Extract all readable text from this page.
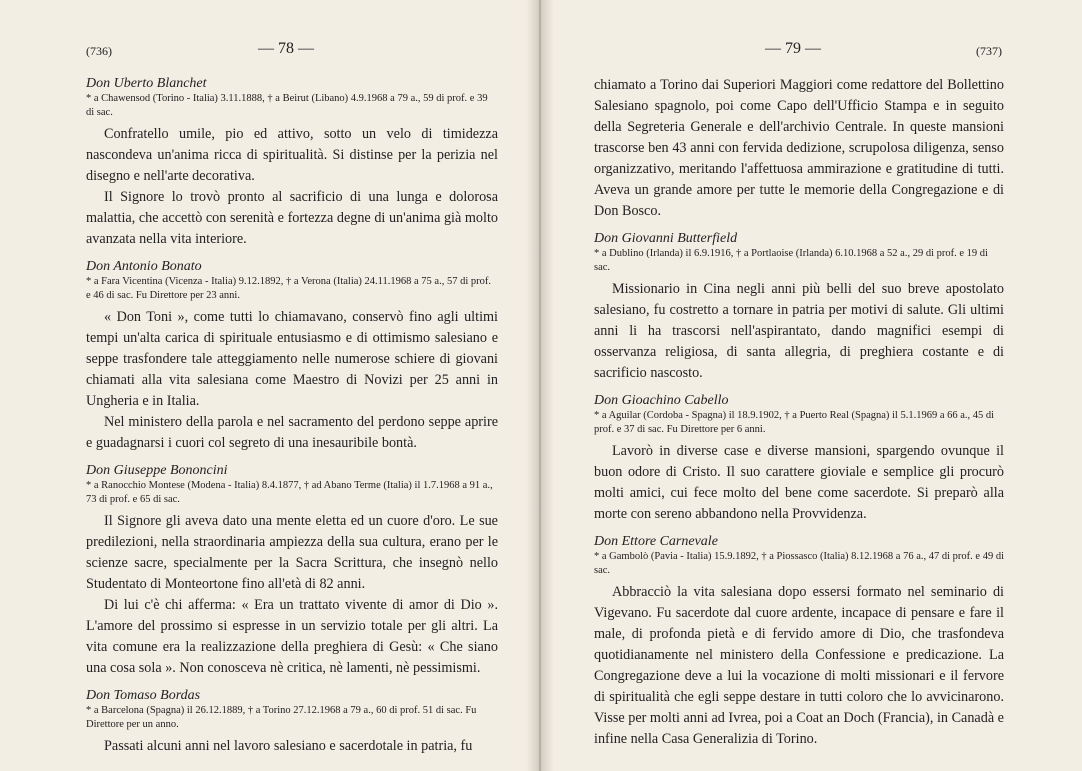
(736)	— 78 —

Don Uberto Blanchet

* a Chawensod (Torino - Italia) 3.11.1888, † a Beirut (Libano) 4.9.1968 a 79 a., 59 di prof. e 39 di sac.

Confratello umile, pio ed attivo, sotto un velo di timidezza nascondeva un'anima ricca di spiritualità. Si distinse per la perizia nel disegno e nell'arte decorativa.

Il Signore lo trovò pronto al sacrificio di una lunga e dolorosa malattia, che accettò con serenità e fortezza degne di un'anima già molto avanzata nella vita interiore.

Don Antonio Bonato

* a Fara Vicentina (Vicenza - Italia) 9.12.1892, † a Verona (Italia) 24.11.1968 a 75 a., 57 di prof. e 46 di sac. Fu Direttore per 23 anni.

« Don Toni », come tutti lo chiamavano, conservò fino agli ultimi tempi un'alta carica di spirituale entusiasmo e di ottimismo salesiano e seppe trasfondere tale atteggiamento nelle numerose schiere di giovani chiamati alla vita salesiana come Maestro di Novizi per 25 anni in Ungheria e in Italia.

Nel ministero della parola e nel sacramento del perdono seppe aprire e guadagnarsi i cuori col segreto di una inesauribile bontà.

Don Giuseppe Bononcini

* a Ranocchio Montese (Modena - Italia) 8.4.1877, † ad Abano Terme (Italia) il 1.7.1968 a 91 a., 73 di prof. e 65 di sac.

Il Signore gli aveva dato una mente eletta ed un cuore d'oro. Le sue predilezioni, nella straordinaria ampiezza della sua cultura, erano per le scienze sacre, specialmente per la Sacra Scrittura, che insegnò nello Studentato di Monteortone fino all'età di 82 anni.

Di lui c'è chi afferma: « Era un trattato vivente di amor di Dio ». L'amore del prossimo si espresse in un servizio totale per gli altri. La vita comune era la realizzazione della preghiera di Gesù: « Che siano una cosa sola ». Non conosceva nè critica, nè lamenti, nè pessimismi.

Don Tomaso Bordas

* a Barcelona (Spagna) il 26.12.1889, † a Torino 27.12.1968 a 79 a., 60 di prof. 51 di sac. Fu Direttore per un anno.

Passati alcuni anni nel lavoro salesiano e sacerdotale in patria, fu

— 79 —	(737)

chiamato a Torino dai Superiori Maggiori come redattore del Bollettino Salesiano spagnolo, poi come Capo dell'Ufficio Stampa e in seguito della Segreteria Generale e dell'archivio Centrale. In queste mansioni trascorse ben 43 anni con fervida dedizione, scrupolosa diligenza, senso organizzativo, meritando l'affettuosa ammirazione e gratitudine di tutti. Aveva un grande amore per tutte le memorie della Congregazione e di Don Bosco.

Don Giovanni Butterfield

* a Dublino (Irlanda) il 6.9.1916, † a Portlaoise (Irlanda) 6.10.1968 a 52 a., 29 di prof. e 19 di sac.

Missionario in Cina negli anni più belli del suo breve apostolato salesiano, fu costretto a tornare in patria per motivi di salute. Gli ultimi anni li ha trascorsi nell'aspirantato, dando magnifici esempi di osservanza religiosa, di santa allegria, di preghiera costante e di sacrificio nascosto.

Don Gioachino Cabello

* a Aguilar (Cordoba - Spagna) il 18.9.1902, † a Puerto Real (Spagna) il 5.1.1969 a 66 a., 45 di prof. e 37 di sac. Fu Direttore per 6 anni.

Lavorò in diverse case e diverse mansioni, spargendo ovunque il buon odore di Cristo. Il suo carattere gioviale e semplice gli procurò molti amici, cui fece molto del bene come sacerdote. Si preparò alla morte con sereno abbandono nella Provvidenza.

Don Ettore Carnevale

* a Gambolò (Pavia - Italia) 15.9.1892, † a Piossasco (Italia) 8.12.1968 a 76 a., 47 di prof. e 49 di sac.

Abbracciò la vita salesiana dopo essersi formato nel seminario di Vigevano. Fu sacerdote dal cuore ardente, incapace di pensare e fare il male, di profonda pietà e di fervido amore di Dio, che trasfondeva quotidianamente nel ministero della Confessione e predicazione. La Congregazione deve a lui la vocazione di molti missionari e il fervore di spiritualità che egli seppe destare in tutti coloro che lo avvicinarono. Visse per molti anni ad Ivrea, poi a Coat an Doch (Francia), in Canadà e infine nella Casa Generalizia di Torino.
